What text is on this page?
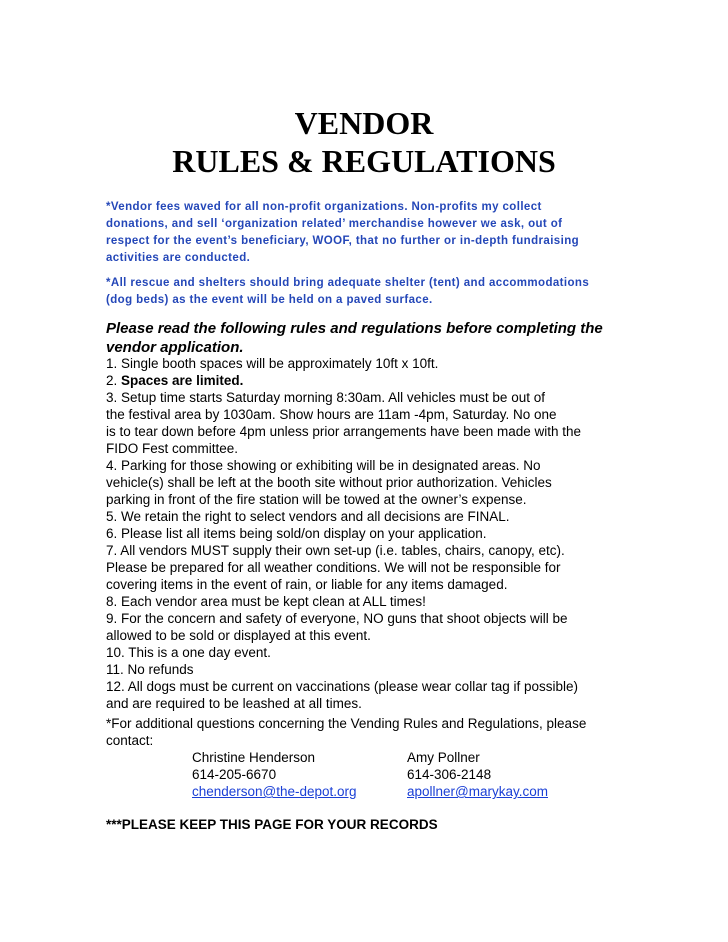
VENDOR
RULES & REGULATIONS
*Vendor fees waved for all non-profit organizations. Non-profits my collect
donations, and sell ‘organization related’ merchandise however we ask, out of
respect for the event’s beneficiary, WOOF, that no further or in-depth fundraising
activities are conducted.
*All rescue and shelters should bring adequate shelter (tent) and accommodations
(dog beds) as the event will be held on a paved surface.
Please read the following rules and regulations before completing the
vendor application.
1. Single booth spaces will be approximately 10ft x 10ft.
2. Spaces are limited.
3. Setup time starts Saturday morning 8:30am. All vehicles must be out of
the festival area by 1030am. Show hours are 11am -4pm, Saturday. No one
is to tear down before 4pm unless prior arrangements have been made with the
FIDO Fest committee.
4. Parking for those showing or exhibiting will be in designated areas. No
vehicle(s) shall be left at the booth site without prior authorization. Vehicles
parking in front of the fire station will be towed at the owner’s expense.
5. We retain the right to select vendors and all decisions are FINAL.
6. Please list all items being sold/on display on your application.
7. All vendors MUST supply their own set-up (i.e. tables, chairs, canopy, etc).
Please be prepared for all weather conditions. We will not be responsible for
covering items in the event of rain, or liable for any items damaged.
8. Each vendor area must be kept clean at ALL times!
9. For the concern and safety of everyone, NO guns that shoot objects will be
allowed to be sold or displayed at this event.
10. This is a one day event.
11. No refunds
12. All dogs must be current on vaccinations (please wear collar tag if possible)
and are required to be leashed at all times.
*For additional questions concerning the Vending Rules and Regulations, please
contact:
Christine Henderson
614-205-6670
chenderson@the-depot.org
Amy Pollner
614-306-2148
apollner@marykay.com
***PLEASE KEEP THIS PAGE FOR YOUR RECORDS
